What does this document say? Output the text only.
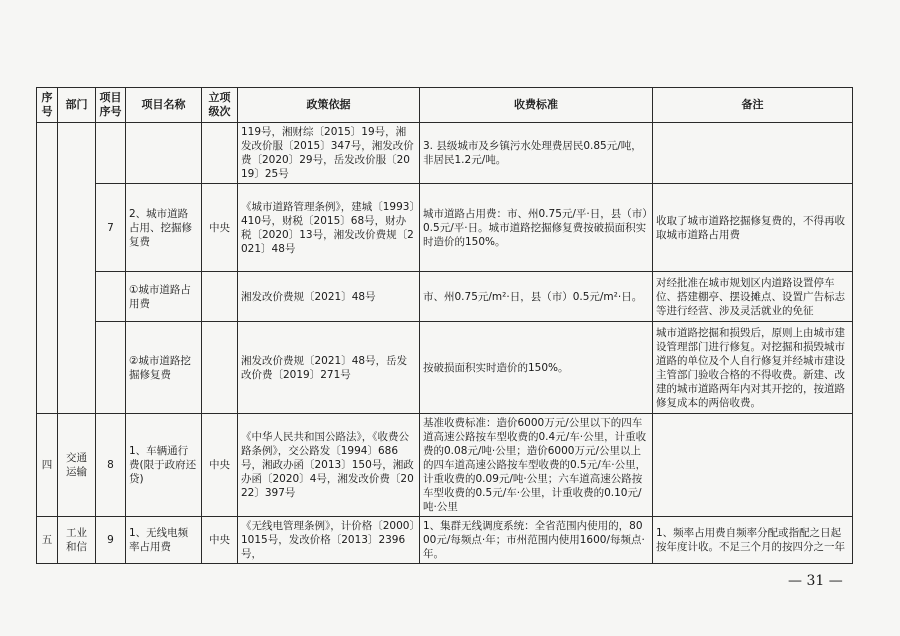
序号	部门	项目序号	项目名称	立项级次	政策依据	收费标准	备注
					119号，湘财综〔2015〕19号，湘发改价服〔2015〕347号，湘发改价费〔2020〕29号，岳发改价服〔2019〕25号	3. 县级城市及乡镇污水处理费居民0.85元/吨，非居民1.2元/吨。	
		7	2、城市道路占用、挖掘修复费	中央	《城市道路管理条例》，建城〔1993〕410号，财税〔2015〕68号，财办税〔2020〕13号，湘发改价费规〔2021〕48号	城市道路占用费：市、州0.75元/平·日，县（市）0.5元/平·日。城市道路挖掘修复费按破损面积实时造价的150%。	收取了城市道路挖掘修复费的，不得再收取城市道路占用费
			①城市道路占用费		湘发改价费规〔2021〕48号	市、州0.75元/m²·日，县（市）0.5元/m²·日。	对经批准在城市规划区内道路设置停车位、搭建棚亭、摆设摊点、设置广告标志等进行经营、涉及灵活就业的免征
			②城市道路挖掘修复费		湘发改价费规〔2021〕48号，岳发改价费〔2019〕271号	按破损面积实时造价的150%。	城市道路挖掘和损毁后，原则上由城市建设管理部门进行修复。对挖掘和损毁城市道路的单位及个人自行修复并经城市建设主管部门验收合格的不得收费。新建、改建的城市道路两年内对其开挖的，按道路修复成本的两倍收费。
四	交通运输	8	1、车辆通行费(限于政府还贷)	中央	《中华人民共和国公路法》，《收费公路条例》，交公路发〔1994〕686号，湘政办函〔2013〕150号，湘政办函〔2020〕4号，湘发改价费〔2022〕397号	基准收费标准：造价6000万元/公里以下的四车道高速公路按车型收费的0.4元/车·公里，计重收费的0.08元/吨·公里；造价6000万元/公里以上的四车道高速公路按车型收费的0.5元/车·公里，计重收费的0.09元/吨·公里；六车道高速公路按车型收费的0.5元/车·公里，计重收费的0.10元/吨·公里	
五	工业和信	9	1、无线电频率占用费	中央	《无线电管理条例》，计价格〔2000〕1015号，发改价格〔2013〕2396号，	1、集群无线调度系统：全省范围内使用的，8000元/每频点·年；市州范围内使用1600/每频点·年。	1、频率占用费自频率分配或指配之日起按年度计收。不足三个月的按四分之一年
— 31 —
